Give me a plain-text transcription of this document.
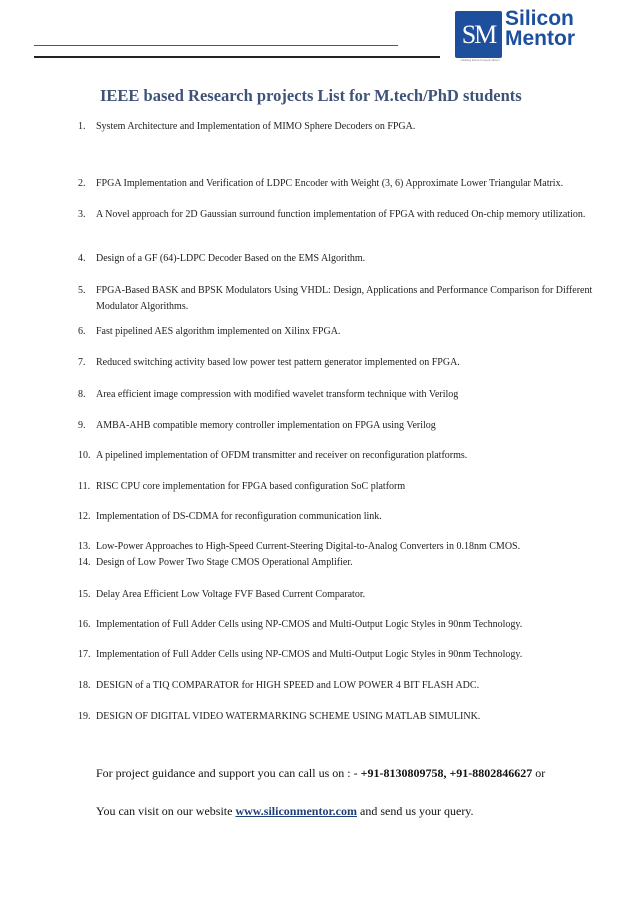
SM
Silicon
Mentor
creating future through silicon
IEEE based Research projects List for M.tech/PhD students
1. System Architecture and Implementation of MIMO Sphere Decoders on FPGA.
2. FPGA Implementation and Verification of LDPC Encoder with Weight (3, 6) Approximate Lower Triangular Matrix.
3. A Novel approach for 2D Gaussian surround function implementation of FPGA with reduced On-chip memory utilization.
4. Design of a GF (64)-LDPC Decoder Based on the EMS Algorithm.
5. FPGA-Based BASK and BPSK Modulators Using VHDL: Design, Applications and Performance Comparison for Different Modulator Algorithms.
6. Fast pipelined AES algorithm implemented on Xilinx FPGA.
7. Reduced switching activity based low power test pattern generator implemented on FPGA.
8. Area efficient image compression with modified wavelet transform technique with Verilog
9. AMBA-AHB compatible memory controller implementation on FPGA using Verilog
10. A pipelined implementation of OFDM transmitter and receiver on reconfiguration platforms.
11. RISC CPU core implementation for FPGA based configuration SoC platform
12. Implementation of DS-CDMA for reconfiguration communication link.
13. Low-Power Approaches to High-Speed Current-Steering Digital-to-Analog Converters in 0.18nm CMOS.
14. Design of Low Power Two Stage CMOS Operational Amplifier.
15. Delay Area Efficient Low Voltage FVF Based Current Comparator.
16. Implementation of Full Adder Cells using NP-CMOS and Multi-Output Logic Styles in 90nm Technology.
17. Implementation of Full Adder Cells using NP-CMOS and Multi-Output Logic Styles in 90nm Technology.
18. DESIGN of a TIQ COMPARATOR for HIGH SPEED and LOW POWER 4 BIT FLASH ADC.
19. DESIGN OF DIGITAL VIDEO WATERMARKING SCHEME USING MATLAB SIMULINK.
For project guidance and support you can call us on : - +91-8130809758, +91-8802846627 or
You can visit on our website www.siliconmentor.com and send us your query.
